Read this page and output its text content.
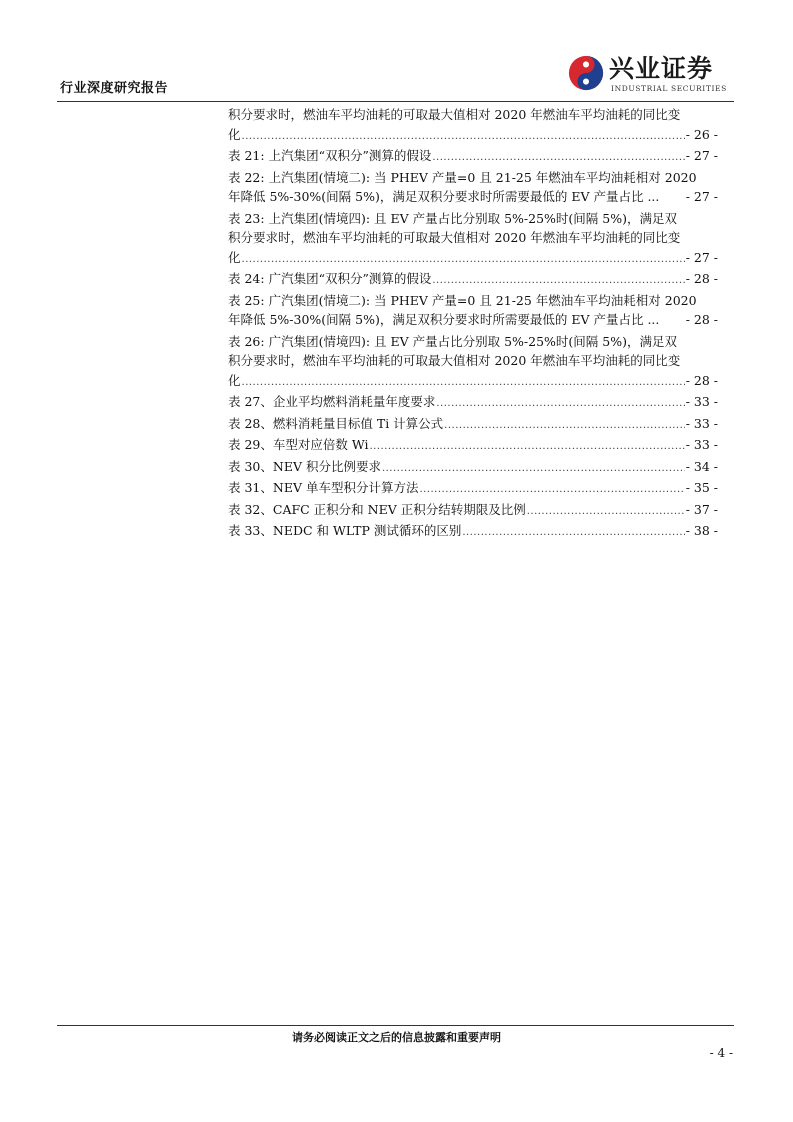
行业深度研究报告
兴业证券
INDUSTRIAL SECURITIES
积分要求时，燃油车平均油耗的可取最大值相对 2020 年燃油车平均油耗的同比变
化 .....	- 26 -
表 21: 上汽集团“双积分”测算的假设 .....	- 27 -
表 22: 上汽集团(情境二): 当 PHEV 产量=0 且 21-25 年燃油车平均油耗相对 2020
年降低 5%-30%(间隔 5%)，满足双积分要求时所需要最低的 EV 产量占比 ... - 27 -
表 23: 上汽集团(情境四): 且 EV 产量占比分别取 5%-25%时(间隔 5%)，满足双
积分要求时，燃油车平均油耗的可取最大值相对 2020 年燃油车平均油耗的同比变
化 .....	- 27 -
表 24: 广汽集团“双积分”测算的假设 .....	- 28 -
表 25: 广汽集团(情境二): 当 PHEV 产量=0 且 21-25 年燃油车平均油耗相对 2020
年降低 5%-30%(间隔 5%)，满足双积分要求时所需要最低的 EV 产量占比 ... - 28 -
表 26: 广汽集团(情境四): 且 EV 产量占比分别取 5%-25%时(间隔 5%)，满足双
积分要求时，燃油车平均油耗的可取最大值相对 2020 年燃油车平均油耗的同比变
化 .....	- 28 -
表 27、企业平均燃料消耗量年度要求 .....	- 33 -
表 28、燃料消耗量目标值 Ti 计算公式 .....	- 33 -
表 29、车型对应倍数 Wi .....	- 33 -
表 30、NEV 积分比例要求 .....	- 34 -
表 31、NEV 单车型积分计算方法 .....	- 35 -
表 32、CAFC 正积分和 NEV 正积分结转期限及比例 .....	- 37 -
表 33、NEDC 和 WLTP 测试循环的区别 .....	- 38 -
请务必阅读正文之后的信息披露和重要声明
- 4 -
